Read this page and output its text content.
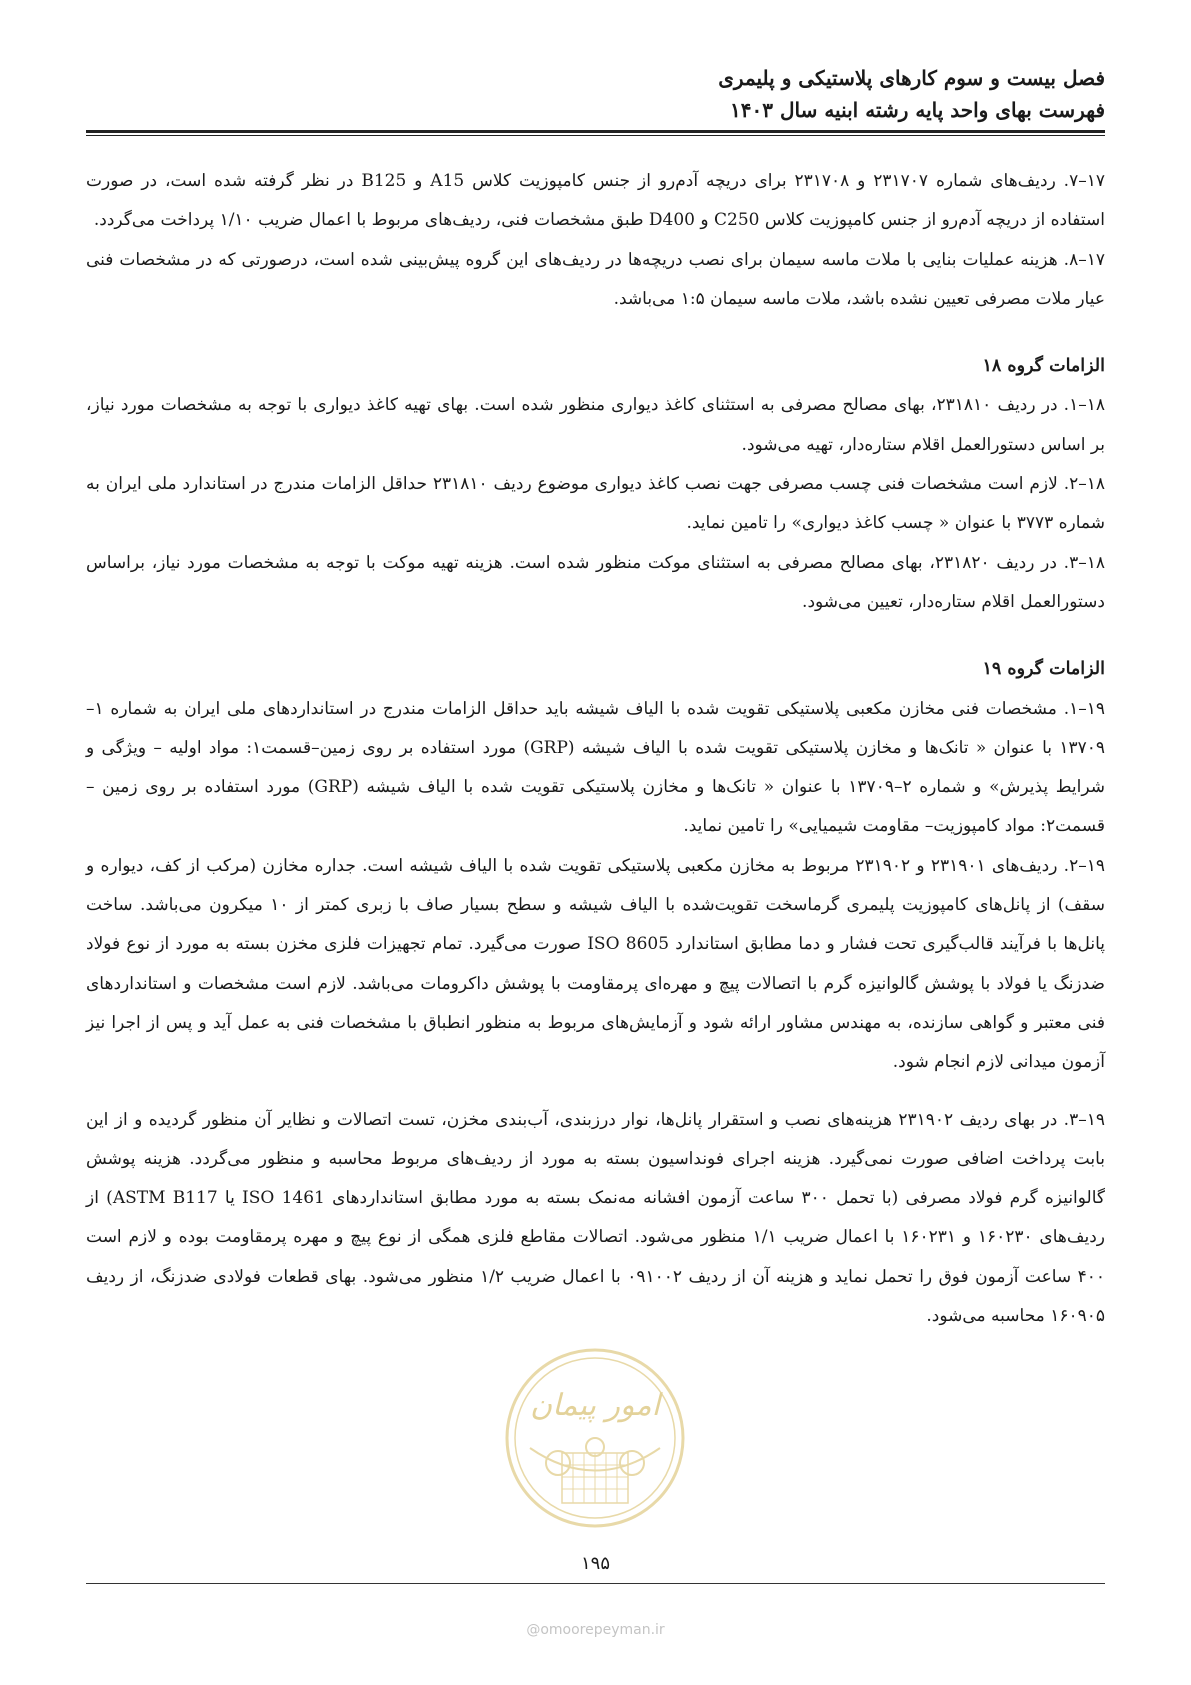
فصل بیست و سوم کارهای پلاستیکی و پلیمری
فهرست بهای واحد پایه رشته ابنیه سال ۱۴۰۳

۱۷–۷. ردیف‌های شماره ۲۳۱۷۰۷ و ۲۳۱۷۰۸ برای دریچه آدم‌رو از جنس کامپوزیت کلاس A15 و B125 در نظر گرفته شده است، در صورت استفاده از دریچه آدم‌رو از جنس کامپوزیت کلاس C250 و D400 طبق مشخصات فنی، ردیف‌های مربوط با اعمال ضریب ۱/۱۰ پرداخت می‌گردد.

۱۷–۸. هزینه عملیات بنایی با ملات ماسه سیمان برای نصب دریچه‌ها در ردیف‌های این گروه پیش‌بینی شده است، درصورتی که در مشخصات فنی عیار ملات مصرفی تعیین نشده باشد، ملات ماسه سیمان ۱:۵ می‌باشد.

الزامات گروه ۱۸

۱۸–۱. در ردیف ۲۳۱۸۱۰، بهای مصالح مصرفی به استثنای کاغذ دیواری منظور شده است. بهای تهیه کاغذ دیواری با توجه به مشخصات مورد نیاز، بر اساس دستورالعمل اقلام ستاره‌دار، تهیه می‌شود.

۱۸–۲. لازم است مشخصات فنی چسب مصرفی جهت نصب کاغذ دیواری موضوع ردیف ۲۳۱۸۱۰ حداقل الزامات مندرج در استاندارد ملی ایران به شماره ۳۷۷۳ با عنوان « چسب کاغذ دیواری» را تامین نماید.

۱۸–۳. در ردیف ۲۳۱۸۲۰، بهای مصالح مصرفی به استثنای موکت منظور شده است. هزینه تهیه موکت با توجه به مشخصات مورد نیاز، براساس دستورالعمل اقلام ستاره‌دار، تعیین می‌شود.

الزامات گروه ۱۹

۱۹–۱. مشخصات فنی مخازن مکعبی پلاستیکی تقویت شده با الیاف شیشه باید حداقل الزامات مندرج در استانداردهای ملی ایران به شماره ۱–۱۳۷۰۹ با عنوان « تانک‌ها و مخازن پلاستیکی تقویت شده با الیاف شیشه (GRP) مورد استفاده بر روی زمین–قسمت۱: مواد اولیه – ویژگی و شرایط پذیرش» و شماره ۲–۱۳۷۰۹ با عنوان « تانک‌ها و مخازن پلاستیکی تقویت شده با الیاف شیشه (GRP) مورد استفاده بر روی زمین – قسمت۲: مواد کامپوزیت– مقاومت شیمیایی» را تامین نماید.

۱۹–۲. ردیف‌های ۲۳۱۹۰۱ و ۲۳۱۹۰۲ مربوط به مخازن مکعبی پلاستیکی تقویت شده با الیاف شیشه است. جداره مخازن (مرکب از کف، دیواره و سقف) از پانل‌های کامپوزیت پلیمری گرماسخت تقویت‌شده با الیاف شیشه و سطح بسیار صاف با زبری کمتر از ۱۰ میکرون می‌باشد. ساخت پانل‌ها با فرآیند قالب‌گیری تحت فشار و دما مطابق استاندارد ISO 8605 صورت می‌گیرد. تمام تجهیزات فلزی مخزن بسته به مورد از نوع فولاد ضدزنگ یا فولاد با پوشش گالوانیزه گرم با اتصالات پیچ و مهره‌ای پرمقاومت با پوشش داکرومات می‌باشد. لازم است مشخصات و استانداردهای فنی معتبر و گواهی سازنده، به مهندس مشاور ارائه شود و آزمایش‌های مربوط به منظور انطباق با مشخصات فنی به عمل آید و پس از اجرا نیز آزمون میدانی لازم انجام شود.

۱۹–۳. در بهای ردیف ۲۳۱۹۰۲ هزینه‌های نصب و استقرار پانل‌ها، نوار درزبندی، آب‌بندی مخزن، تست اتصالات و نظایر آن منظور گردیده و از این بابت پرداخت اضافی صورت نمی‌گیرد. هزینه اجرای فونداسیون بسته به مورد از ردیف‌های مربوط محاسبه و منظور می‌گردد. هزینه پوشش گالوانیزه گرم فولاد مصرفی (با تحمل ۳۰۰ ساعت آزمون افشانه مه‌نمک بسته به مورد مطابق استانداردهای ISO 1461 یا ASTM B117) از ردیف‌های ۱۶۰۲۳۰ و ۱۶۰۲۳۱ با اعمال ضریب ۱/۱ منظور می‌شود. اتصالات مقاطع فلزی همگی از نوع پیچ و مهره پرمقاومت بوده و لازم است ۴۰۰ ساعت آزمون فوق را تحمل نماید و هزینه آن از ردیف ۰۹۱۰۰۲ با اعمال ضریب ۱/۲ منظور می‌شود. بهای قطعات فولادی ضدزنگ، از ردیف ۱۶۰۹۰۵ محاسبه می‌شود.

امور پیمان
۱۹۵
@omoorepeyman.ir
